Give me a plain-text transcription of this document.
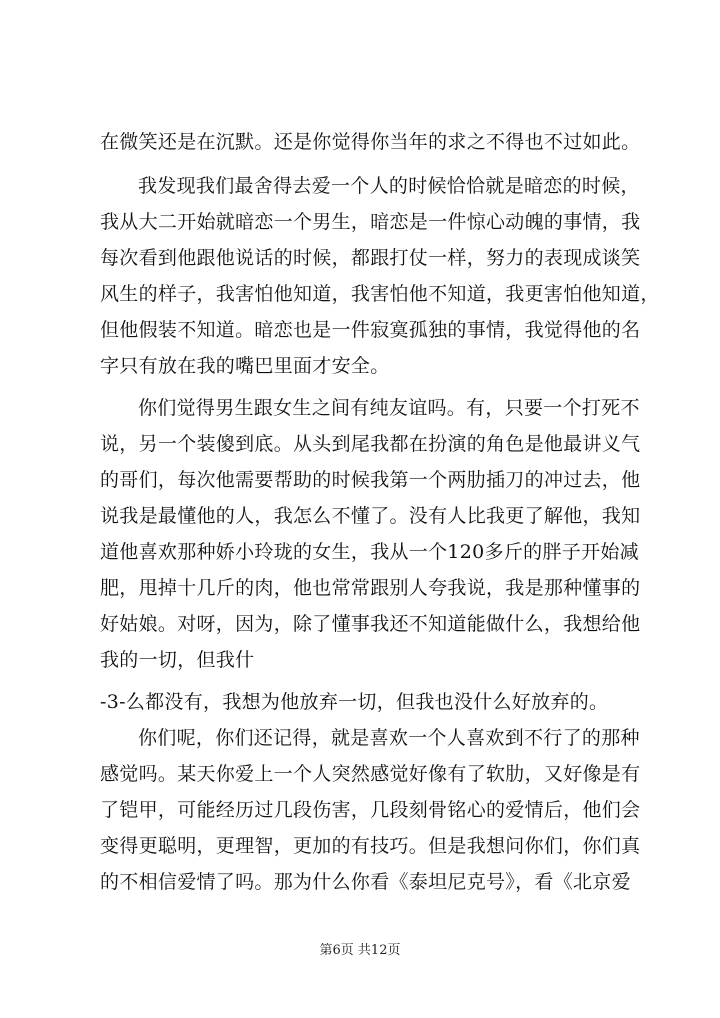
在微笑还是在沉默。还是你觉得你当年的求之不得也不过如此。
我发现我们最舍得去爱一个人的时候恰恰就是暗恋的时候，
我从大二开始就暗恋一个男生，暗恋是一件惊心动魄的事情，我
每次看到他跟他说话的时候，都跟打仗一样，努力的表现成谈笑
风生的样子，我害怕他知道，我害怕他不知道，我更害怕他知道，
但他假装不知道。暗恋也是一件寂寞孤独的事情，我觉得他的名
字只有放在我的嘴巴里面才安全。
你们觉得男生跟女生之间有纯友谊吗。有，只要一个打死不
说，另一个装傻到底。从头到尾我都在扮演的角色是他最讲义气
的哥们，每次他需要帮助的时候我第一个两肋插刀的冲过去，他
说我是最懂他的人，我怎么不懂了。没有人比我更了解他，我知
道他喜欢那种娇小玲珑的女生，我从一个120多斤的胖子开始减
肥，甩掉十几斤的肉，他也常常跟别人夸我说，我是那种懂事的
好姑娘。对呀，因为，除了懂事我还不知道能做什么，我想给他
我的一切，但我什
-3-么都没有，我想为他放弃一切，但我也没什么好放弃的。
你们呢，你们还记得，就是喜欢一个人喜欢到不行了的那种
感觉吗。某天你爱上一个人突然感觉好像有了软肋，又好像是有
了铠甲，可能经历过几段伤害，几段刻骨铭心的爱情后，他们会
变得更聪明，更理智，更加的有技巧。但是我想问你们，你们真
的不相信爱情了吗。那为什么你看《泰坦尼克号》，看《北京爱
第6页 共12页
